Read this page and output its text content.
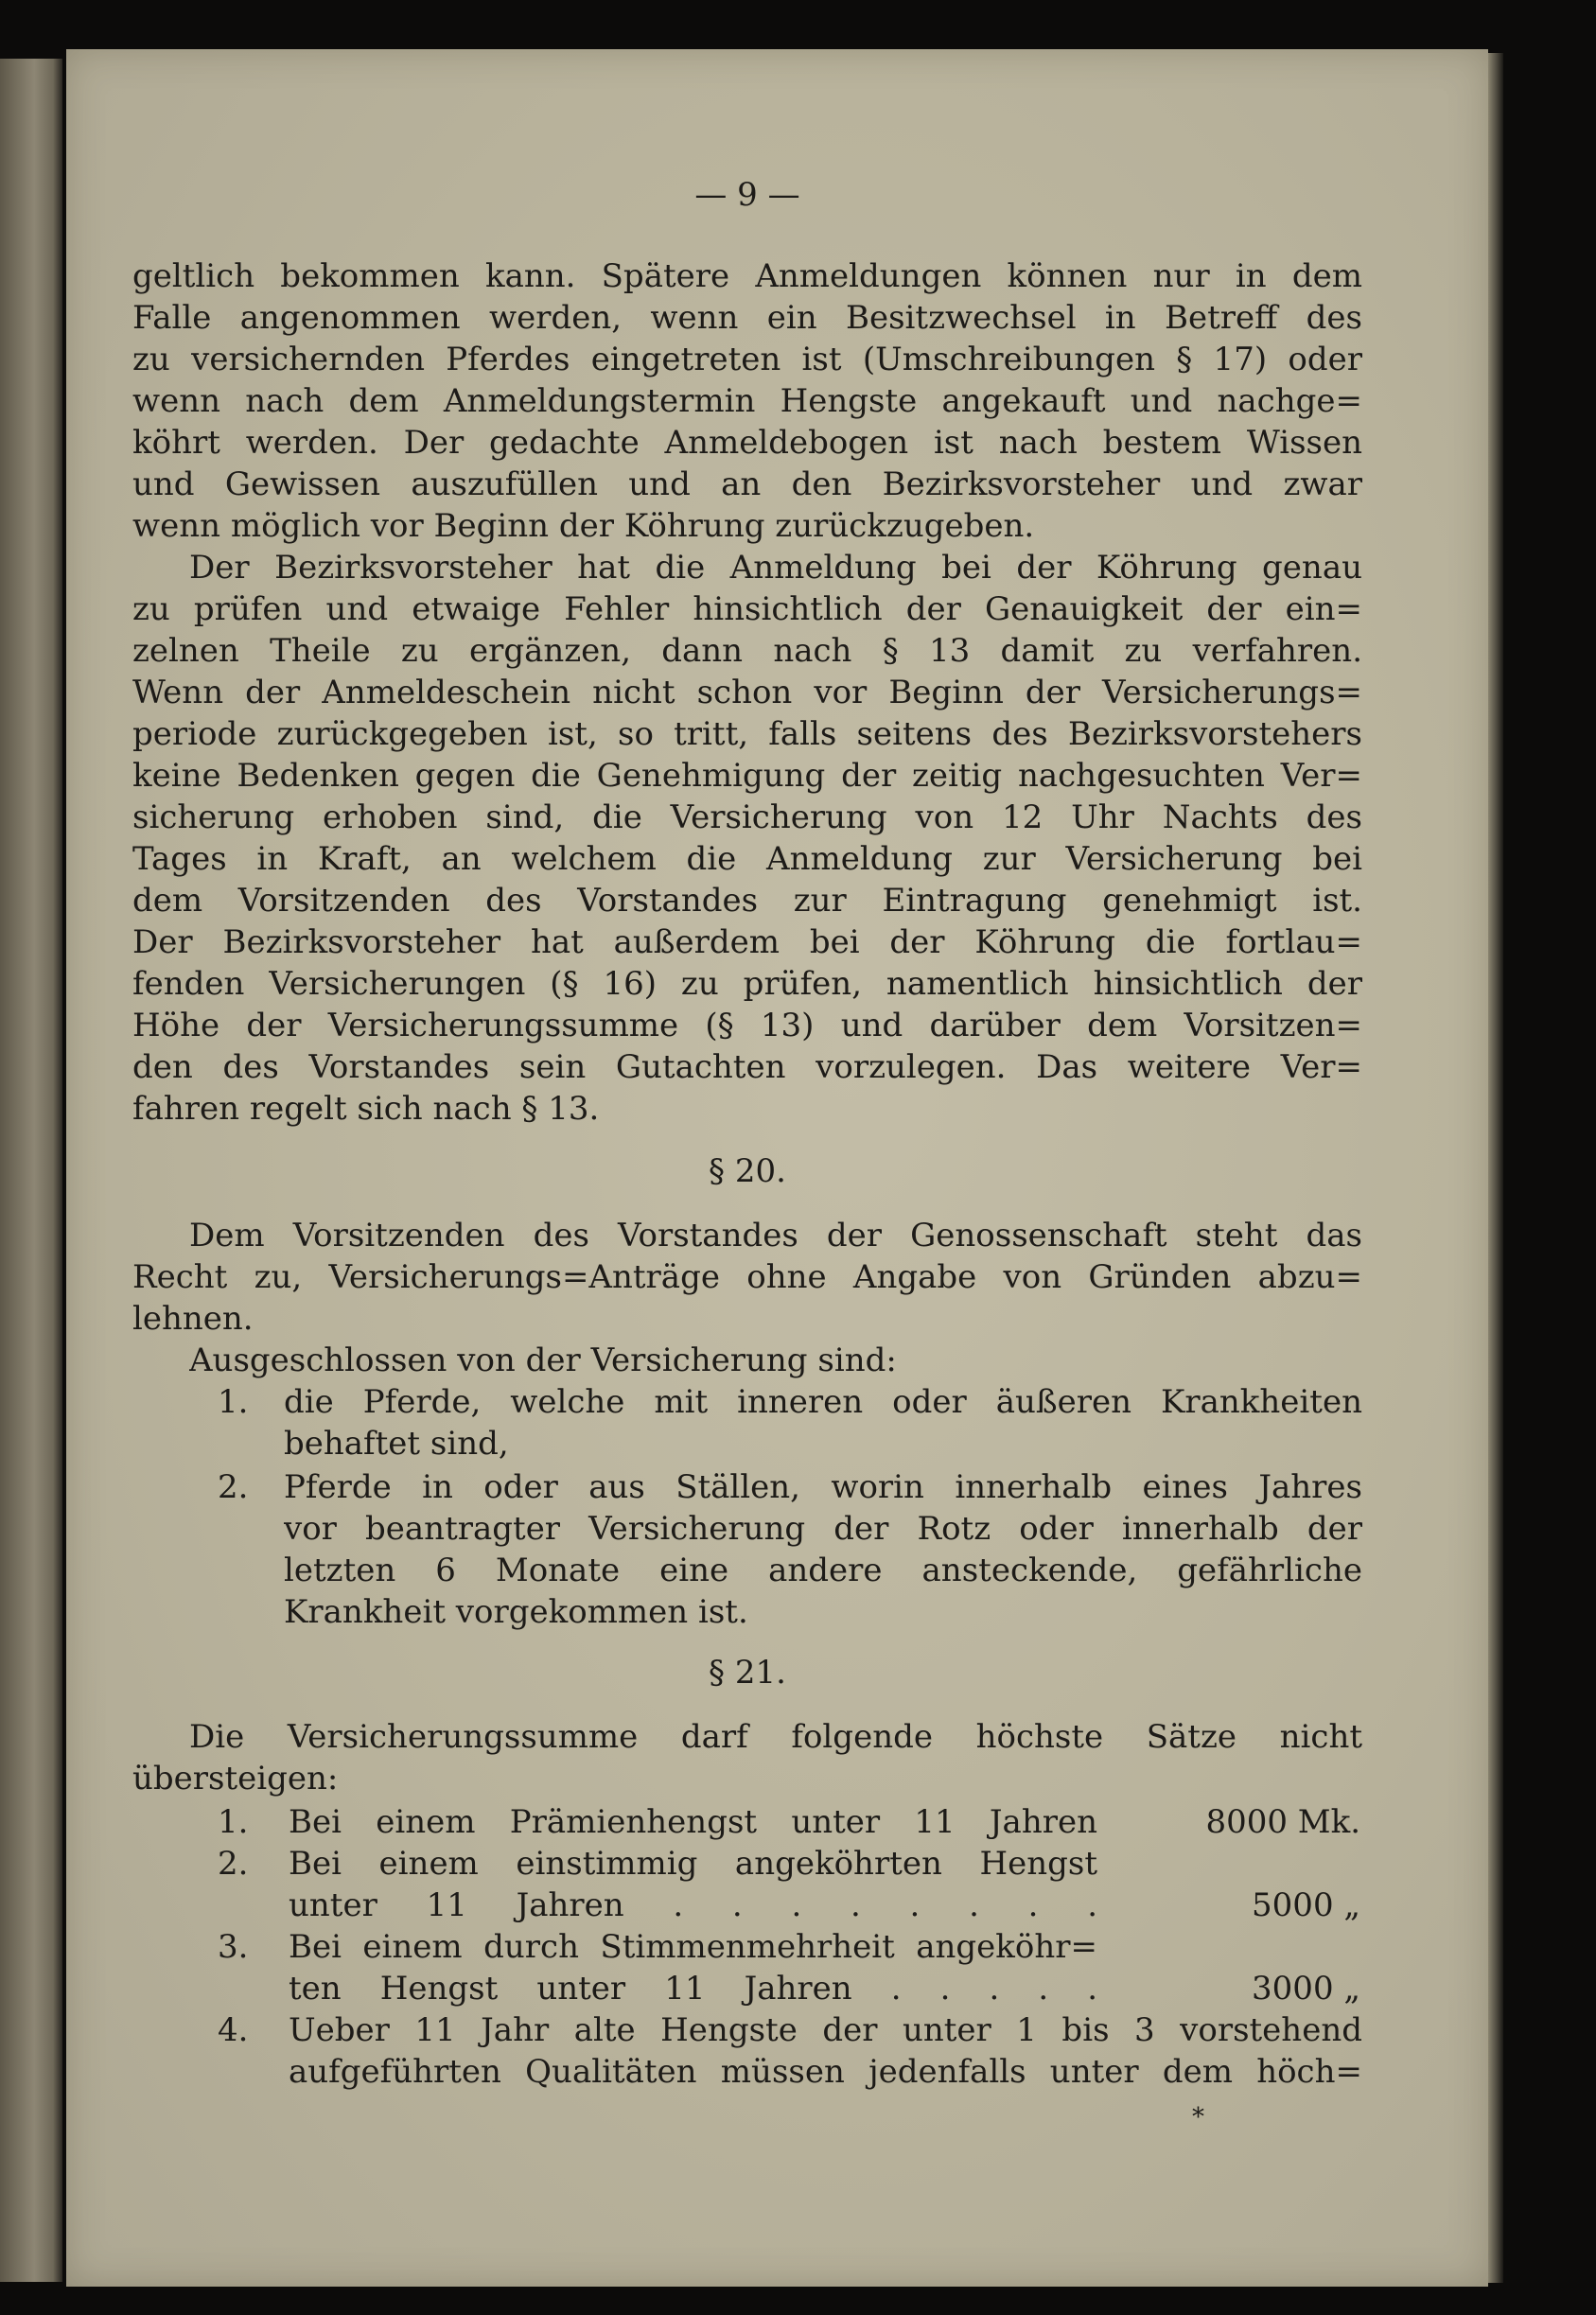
— 9 —
geltlich bekommen kann. Spätere Anmeldungen können nur in dem
Falle angenommen werden, wenn ein Besitzwechsel in Betreff des
zu versichernden Pferdes eingetreten ist (Umschreibungen § 17) oder
wenn nach dem Anmeldungstermin Hengste angekauft und nachge=
köhrt werden. Der gedachte Anmeldebogen ist nach bestem Wissen
und Gewissen auszufüllen und an den Bezirksvorsteher und zwar
wenn möglich vor Beginn der Köhrung zurückzugeben.
Der Bezirksvorsteher hat die Anmeldung bei der Köhrung genau
zu prüfen und etwaige Fehler hinsichtlich der Genauigkeit der ein=
zelnen Theile zu ergänzen, dann nach § 13 damit zu verfahren.
Wenn der Anmeldeschein nicht schon vor Beginn der Versicherungs=
periode zurückgegeben ist, so tritt, falls seitens des Bezirksvorstehers
keine Bedenken gegen die Genehmigung der zeitig nachgesuchten Ver=
sicherung erhoben sind, die Versicherung von 12 Uhr Nachts des
Tages in Kraft, an welchem die Anmeldung zur Versicherung bei
dem Vorsitzenden des Vorstandes zur Eintragung genehmigt ist.
Der Bezirksvorsteher hat außerdem bei der Köhrung die fortlau=
fenden Versicherungen (§ 16) zu prüfen, namentlich hinsichtlich der
Höhe der Versicherungssumme (§ 13) und darüber dem Vorsitzen=
den des Vorstandes sein Gutachten vorzulegen. Das weitere Ver=
fahren regelt sich nach § 13.
§ 20.
Dem Vorsitzenden des Vorstandes der Genossenschaft steht das
Recht zu, Versicherungs=Anträge ohne Angabe von Gründen abzu=
lehnen.
Ausgeschlossen von der Versicherung sind:
1.	die Pferde, welche mit inneren oder äußeren Krankheiten
behaftet sind,
2.	Pferde in oder aus Ställen, worin innerhalb eines Jahres
vor beantragter Versicherung der Rotz oder innerhalb der
letzten 6 Monate eine andere ansteckende, gefährliche
Krankheit vorgekommen ist.
§ 21.
Die Versicherungssumme darf folgende höchste Sätze nicht
übersteigen:
1.	Bei einem Prämienhengst unter 11 Jahren	8000 Mk.
2.	Bei einem einstimmig angeköhrten Hengst
unter 11 Jahren . . . . . . . .	5000 „
3.	Bei einem durch Stimmenmehrheit angeköhr=
ten Hengst unter 11 Jahren . . . . .	3000 „
4.	Ueber 11 Jahr alte Hengste der unter 1 bis 3 vorstehend
aufgeführten Qualitäten müssen jedenfalls unter dem höch=
*
